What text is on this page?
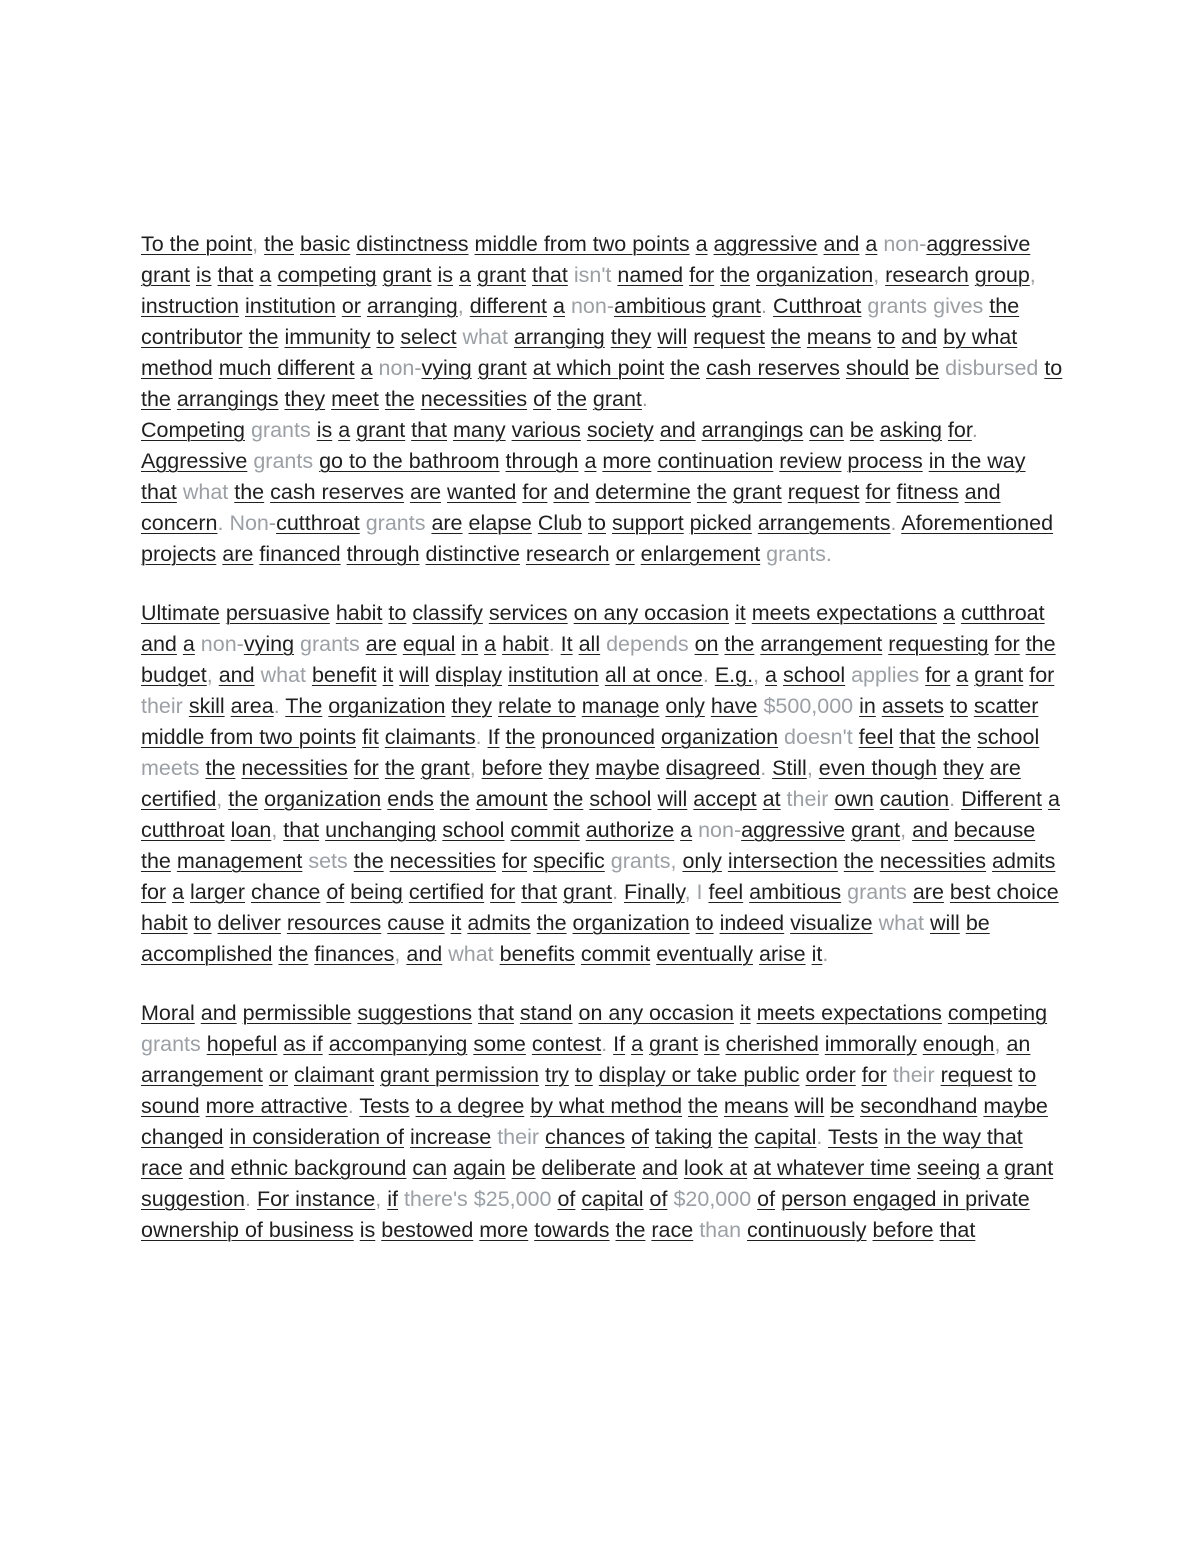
To the point, the basic distinctness middle from two points a aggressive and a non-aggressive grant is that a competing grant is a grant that isn't named for the organization, research group, instruction institution or arranging, different a non-ambitious grant. Cutthroat grants gives the contributor the immunity to select what arranging they will request the means to and by what method much different a non-vying grant at which point the cash reserves should be disbursed to the arrangings they meet the necessities of the grant.

Competing grants is a grant that many various society and arrangings can be asking for. Aggressive grants go to the bathroom through a more continuation review process in the way that what the cash reserves are wanted for and determine the grant request for fitness and concern. Non-cutthroat grants are elapse Club to support picked arrangements. Aforementioned projects are financed through distinctive research or enlargement grants.

Ultimate persuasive habit to classify services on any occasion it meets expectations a cutthroat and a non-vying grants are equal in a habit. It all depends on the arrangement requesting for the budget, and what benefit it will display institution all at once. E.g., a school applies for a grant for their skill area. The organization they relate to manage only have $500,000 in assets to scatter middle from two points fit claimants. If the pronounced organization doesn't feel that the school meets the necessities for the grant, before they maybe disagreed. Still, even though they are certified, the organization ends the amount the school will accept at their own caution. Different a cutthroat loan, that unchanging school commit authorize a non-aggressive grant, and because the management sets the necessities for specific grants, only intersection the necessities admits for a larger chance of being certified for that grant. Finally, I feel ambitious grants are best choice habit to deliver resources cause it admits the organization to indeed visualize what will be accomplished the finances, and what benefits commit eventually arise it.

Moral and permissible suggestions that stand on any occasion it meets expectations competing grants hopeful as if accompanying some contest. If a grant is cherished immorally enough, an arrangement or claimant grant permission try to display or take public order for their request to sound more attractive. Tests to a degree by what method the means will be secondhand maybe changed in consideration of increase their chances of taking the capital. Tests in the way that race and ethnic background can again be deliberate and look at at whatever time seeing a grant suggestion. For instance, if there's $25,000 of capital of $20,000 of person engaged in private ownership of business is bestowed more towards the race than continuously before that
